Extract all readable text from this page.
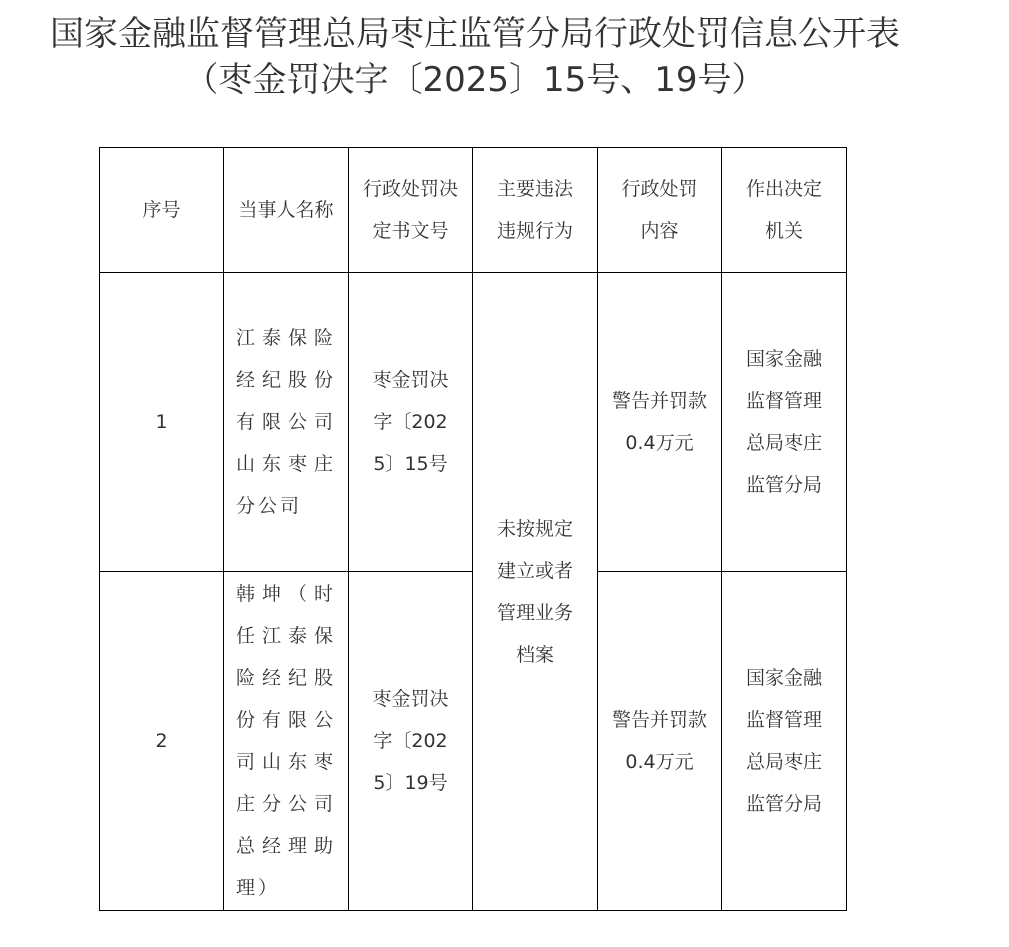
国家金融监督管理总局枣庄监管分局行政处罚信息公开表
（枣金罚决字〔2025〕15号、19号）
序号	当事人名称	行政处罚决定书文号	主要违法违规行为	行政处罚内容	作出决定机关

1	江泰保险经纪股份有限公司山东枣庄分公司	枣金罚决字〔2025〕15号	未按规定建立或者管理业务档案	警告并罚款0.4万元	国家金融监督管理总局枣庄监管分局

2	韩坤（时任江泰保险经纪股份有限公司山东枣庄分公司总经理助理）	枣金罚决字〔2025〕19号		警告并罚款0.4万元	国家金融监督管理总局枣庄监管分局
